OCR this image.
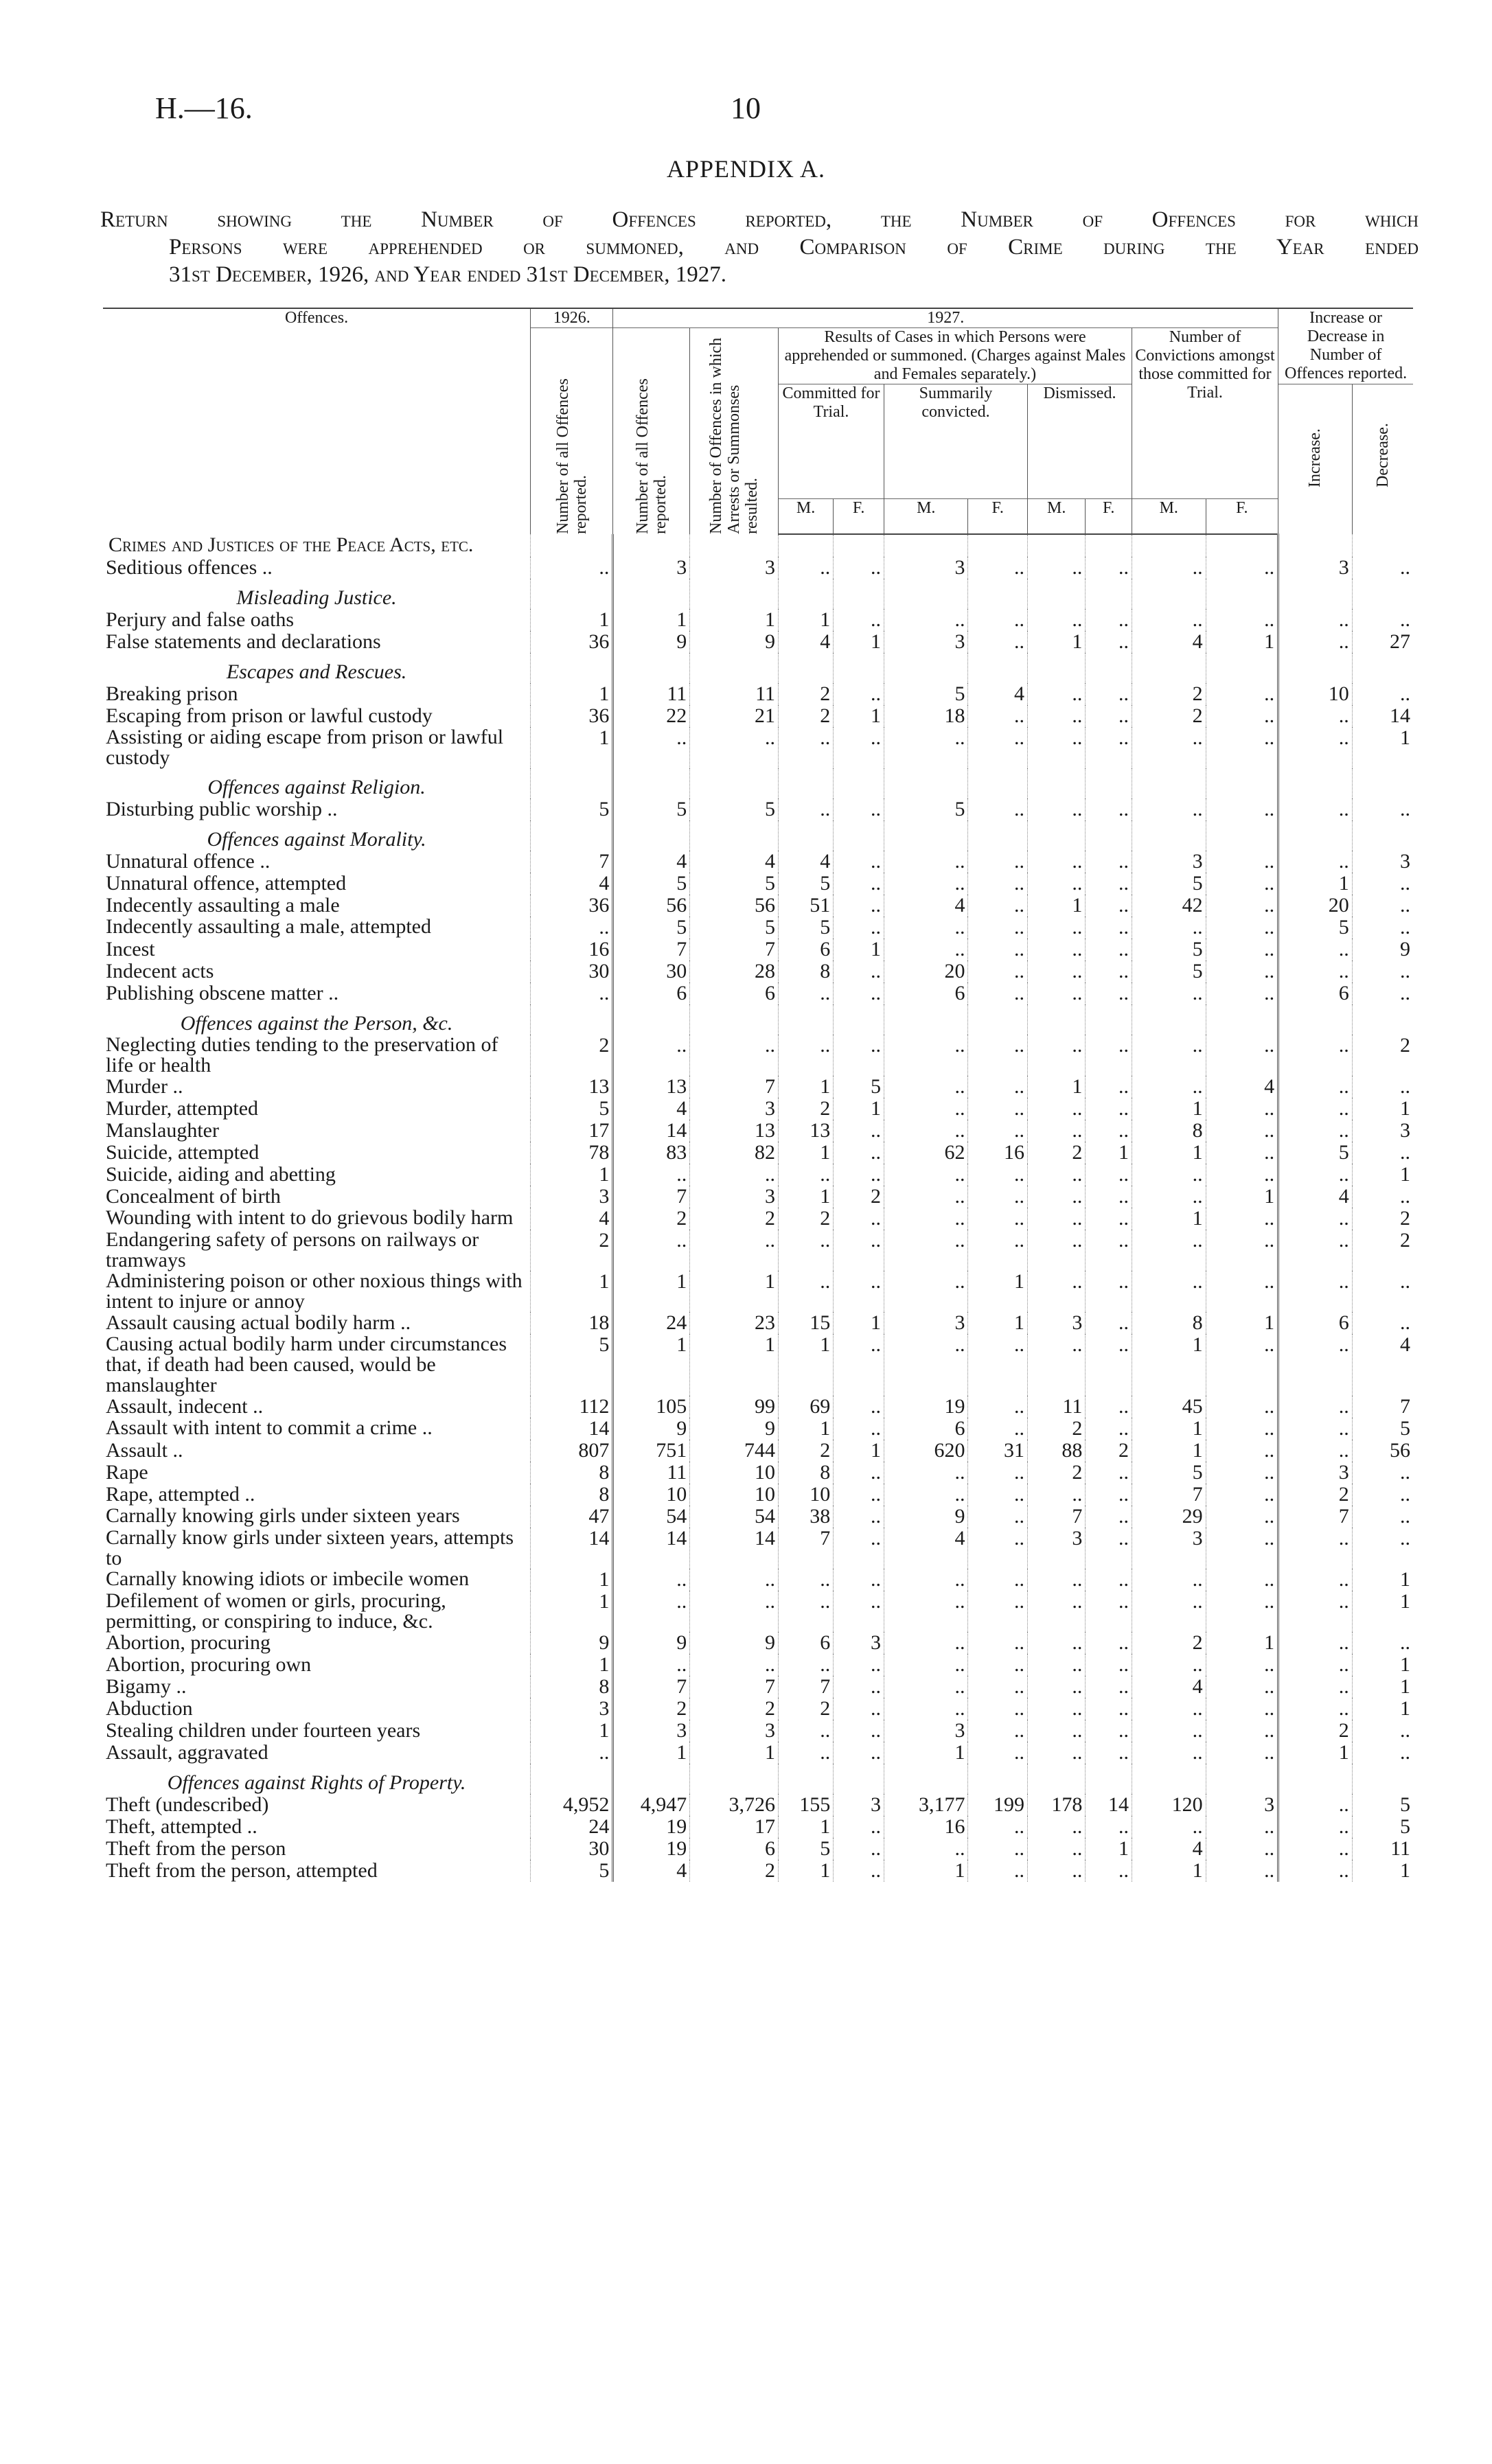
H.—16.	10
APPENDIX A.
Return showing the Number of Offences reported, the Number of Offences for which
Persons were apprehended or summoned, and Comparison of Crime during the Year ended
31st December, 1926, and Year ended 31st December, 1927.
Offences.	1926.	1927.										Increase or Decrease in Number of Offences reported.	

	Number of all Offences reported.	Number of all Offences reported.	Number of Offences in which Arrests or Summonses resulted.	Results of Cases in which Persons were apprehended or summoned. (Charges against Males and Females separately.)						Number of Convictions amongst those committed for Trial.			
				Committed for Trial.		Summarily convicted.		Dismissed.				Increase.	Decrease.

				M.	F.	M.	F.	M.	F.	M.	F.		
Crimes and Justices of the Peace Acts, etc.													
Seditious offences ..	..	3	3	..	..	3	..	..	..	..	..	3	..
Misleading Justice.													
Perjury and false oaths	1	1	1	1	..	..	..	..	..	..	..	..	..
False statements and declarations	36	9	9	4	1	3	..	1	..	4	1	..	27
Escapes and Rescues.													
Breaking prison	1	11	11	2	..	5	4	..	..	2	..	10	..
Escaping from prison or lawful custody	36	22	21	2	1	18	..	..	..	2	..	..	14
Assisting or aiding escape from prison or lawful custody	1	..	..	..	..	..	..	..	..	..	..	..	1
Offences against Religion.													
Disturbing public worship ..	5	5	5	..	..	5	..	..	..	..	..	..	..
Offences against Morality.													
Unnatural offence ..	7	4	4	4	..	..	..	..	..	3	..	..	3
Unnatural offence, attempted	4	5	5	5	..	..	..	..	..	5	..	1	..
Indecently assaulting a male	36	56	56	51	..	4	..	1	..	42	..	20	..
Indecently assaulting a male, attempted	..	5	5	5	..	..	..	..	..	..	..	5	..
Incest	16	7	7	6	1	..	..	..	..	5	..	..	9
Indecent acts	30	30	28	8	..	20	..	..	..	5	..	..	..
Publishing obscene matter ..	..	6	6	..	..	6	..	..	..	..	..	6	..
Offences against the Person, &c.													
Neglecting duties tending to the preservation of life or health	2	..	..	..	..	..	..	..	..	..	..	..	2
Murder ..	13	13	7	1	5	..	..	1	..	..	4	..	..
Murder, attempted	5	4	3	2	1	..	..	..	..	1	..	..	1
Manslaughter	17	14	13	13	..	..	..	..	..	8	..	..	3
Suicide, attempted	78	83	82	1	..	62	16	2	1	1	..	5	..
Suicide, aiding and abetting	1	..	..	..	..	..	..	..	..	..	..	..	1
Concealment of birth	3	7	3	1	2	..	..	..	..	..	1	4	..
Wounding with intent to do grievous bodily harm	4	2	2	2	..	..	..	..	..	1	..	..	2
Endangering safety of persons on railways or tramways	2	..	..	..	..	..	..	..	..	..	..	..	2
Administering poison or other noxious things with intent to injure or annoy	1	1	1	..	..	..	1	..	..	..	..	..	..
Assault causing actual bodily harm ..	18	24	23	15	1	3	1	3	..	8	1	6	..
Causing actual bodily harm under circumstances that, if death had been caused, would be manslaughter	5	1	1	1	..	..	..	..	..	1	..	..	4
Assault, indecent ..	112	105	99	69	..	19	..	11	..	45	..	..	7
Assault with intent to commit a crime ..	14	9	9	1	..	6	..	2	..	1	..	..	5
Assault ..	807	751	744	2	1	620	31	88	2	1	..	..	56
Rape	8	11	10	8	..	..	..	2	..	5	..	3	..
Rape, attempted ..	8	10	10	10	..	..	..	..	..	7	..	2	..
Carnally knowing girls under sixteen years	47	54	54	38	..	9	..	7	..	29	..	7	..
Carnally know girls under sixteen years, attempts to	14	14	14	7	..	4	..	3	..	3	..	..	..
Carnally knowing idiots or imbecile women	1	..	..	..	..	..	..	..	..	..	..	..	1
Defilement of women or girls, procuring, permitting, or conspiring to induce, &c.	1	..	..	..	..	..	..	..	..	..	..	..	1
Abortion, procuring	9	9	9	6	3	..	..	..	..	2	1	..	..
Abortion, procuring own	1	..	..	..	..	..	..	..	..	..	..	..	1
Bigamy ..	8	7	7	7	..	..	..	..	..	4	..	..	1
Abduction	3	2	2	2	..	..	..	..	..	..	..	..	1
Stealing children under fourteen years	1	3	3	..	..	3	..	..	..	..	..	2	..
Assault, aggravated	..	1	1	..	..	1	..	..	..	..	..	1	..
Offences against Rights of Property.													
Theft (undescribed)	4,952	4,947	3,726	155	3	3,177	199	178	14	120	3	..	5
Theft, attempted ..	24	19	17	1	..	16	..	..	..	..	..	..	5
Theft from the person	30	19	6	5	..	..	..	..	1	4	..	..	11
Theft from the person, attempted	5	4	2	1	..	1	..	..	..	1	..	..	1
